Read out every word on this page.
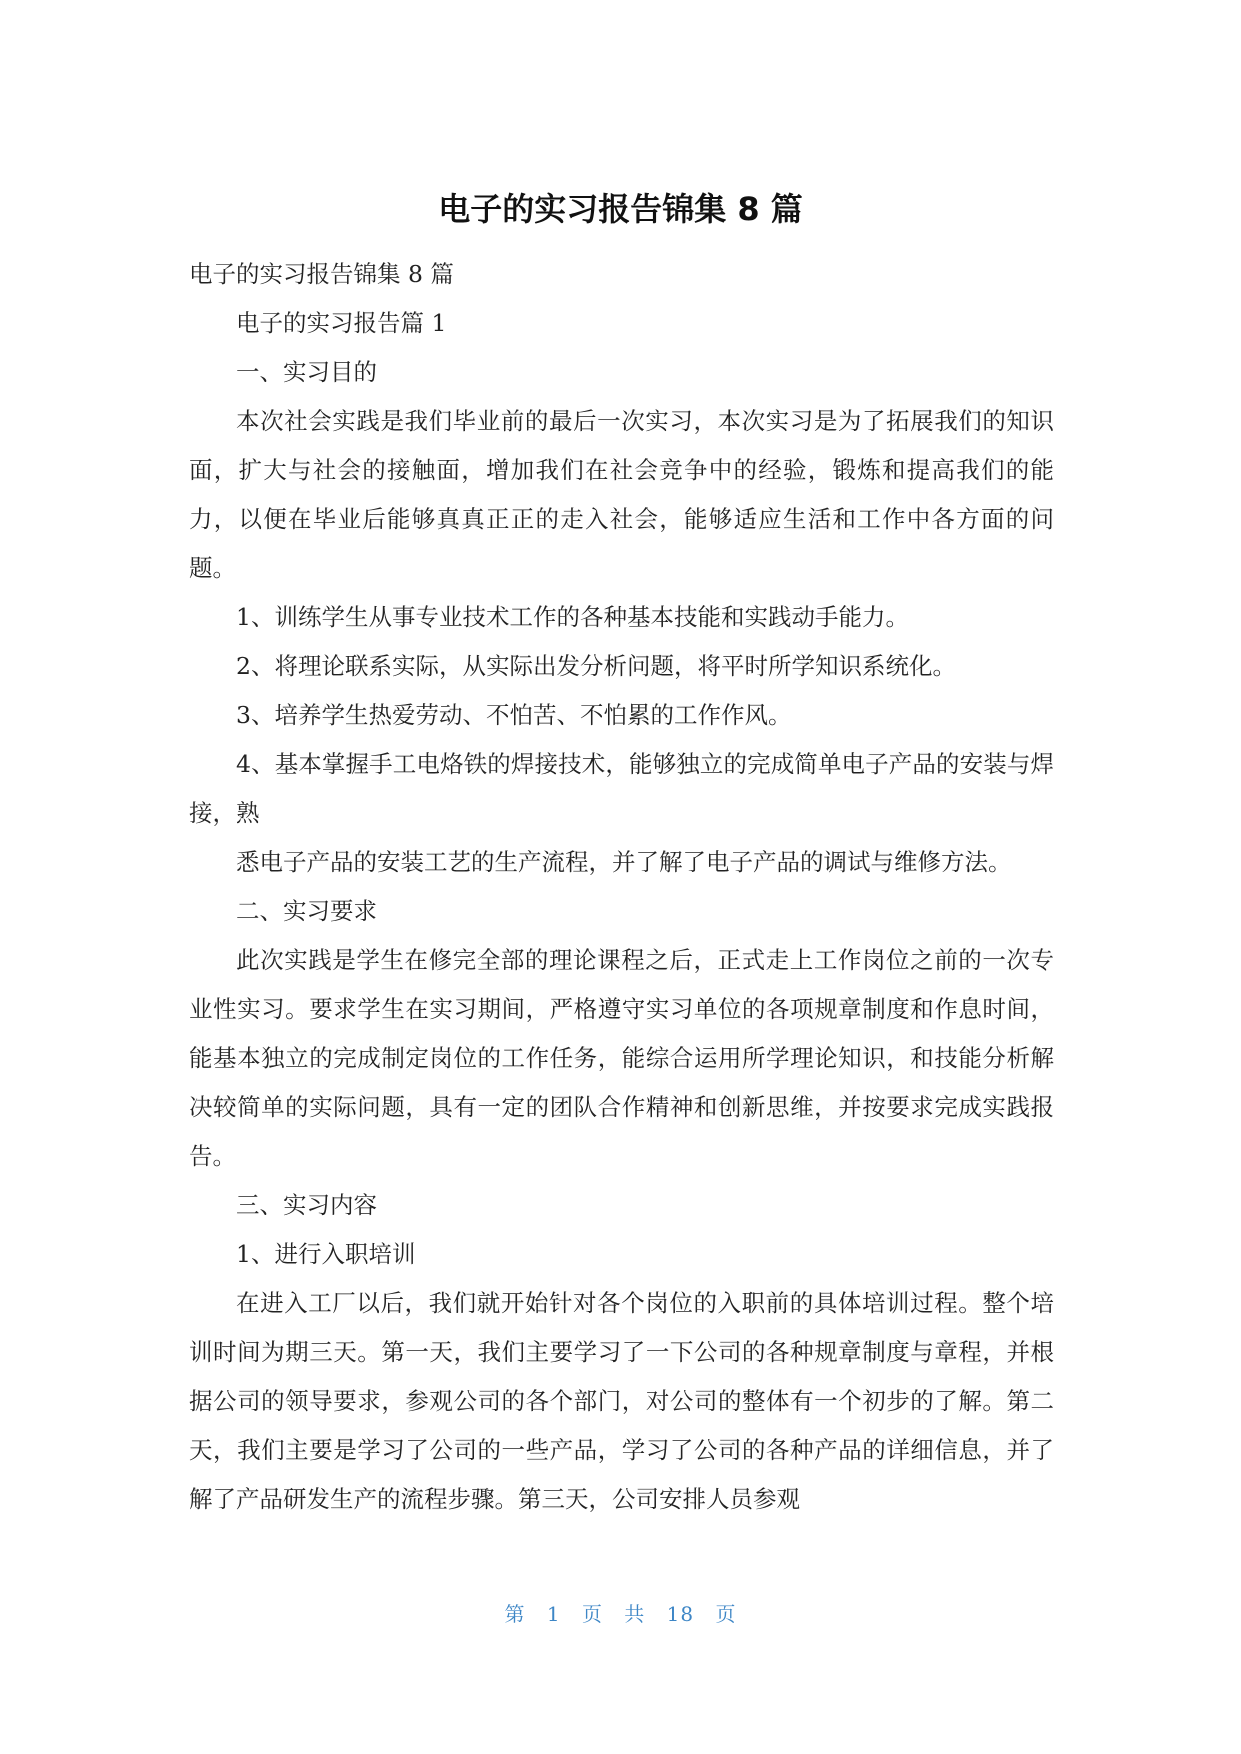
电子的实习报告锦集 8 篇

电子的实习报告锦集 8 篇

电子的实习报告篇 1

一、实习目的

本次社会实践是我们毕业前的最后一次实习，本次实习是为了拓展我们的知识面，扩大与社会的接触面，增加我们在社会竞争中的经验，锻炼和提高我们的能力，以便在毕业后能够真真正正的走入社会，能够适应生活和工作中各方面的问题。

1、训练学生从事专业技术工作的各种基本技能和实践动手能力。

2、将理论联系实际，从实际出发分析问题，将平时所学知识系统化。

3、培养学生热爱劳动、不怕苦、不怕累的工作作风。

4、基本掌握手工电烙铁的焊接技术，能够独立的完成简单电子产品的安装与焊接，熟

悉电子产品的安装工艺的生产流程，并了解了电子产品的调试与维修方法。

二、实习要求

此次实践是学生在修完全部的理论课程之后，正式走上工作岗位之前的一次专业性实习。要求学生在实习期间，严格遵守实习单位的各项规章制度和作息时间，能基本独立的完成制定岗位的工作任务，能综合运用所学理论知识，和技能分析解决较简单的实际问题，具有一定的团队合作精神和创新思维，并按要求完成实践报告。

三、实习内容

1、进行入职培训

在进入工厂以后，我们就开始针对各个岗位的入职前的具体培训过程。整个培训时间为期三天。第一天，我们主要学习了一下公司的各种规章制度与章程，并根据公司的领导要求，参观公司的各个部门，对公司的整体有一个初步的了解。第二天，我们主要是学习了公司的一些产品，学习了公司的各种产品的详细信息，并了解了产品研发生产的流程步骤。第三天，公司安排人员参观

第 1 页 共 18 页
